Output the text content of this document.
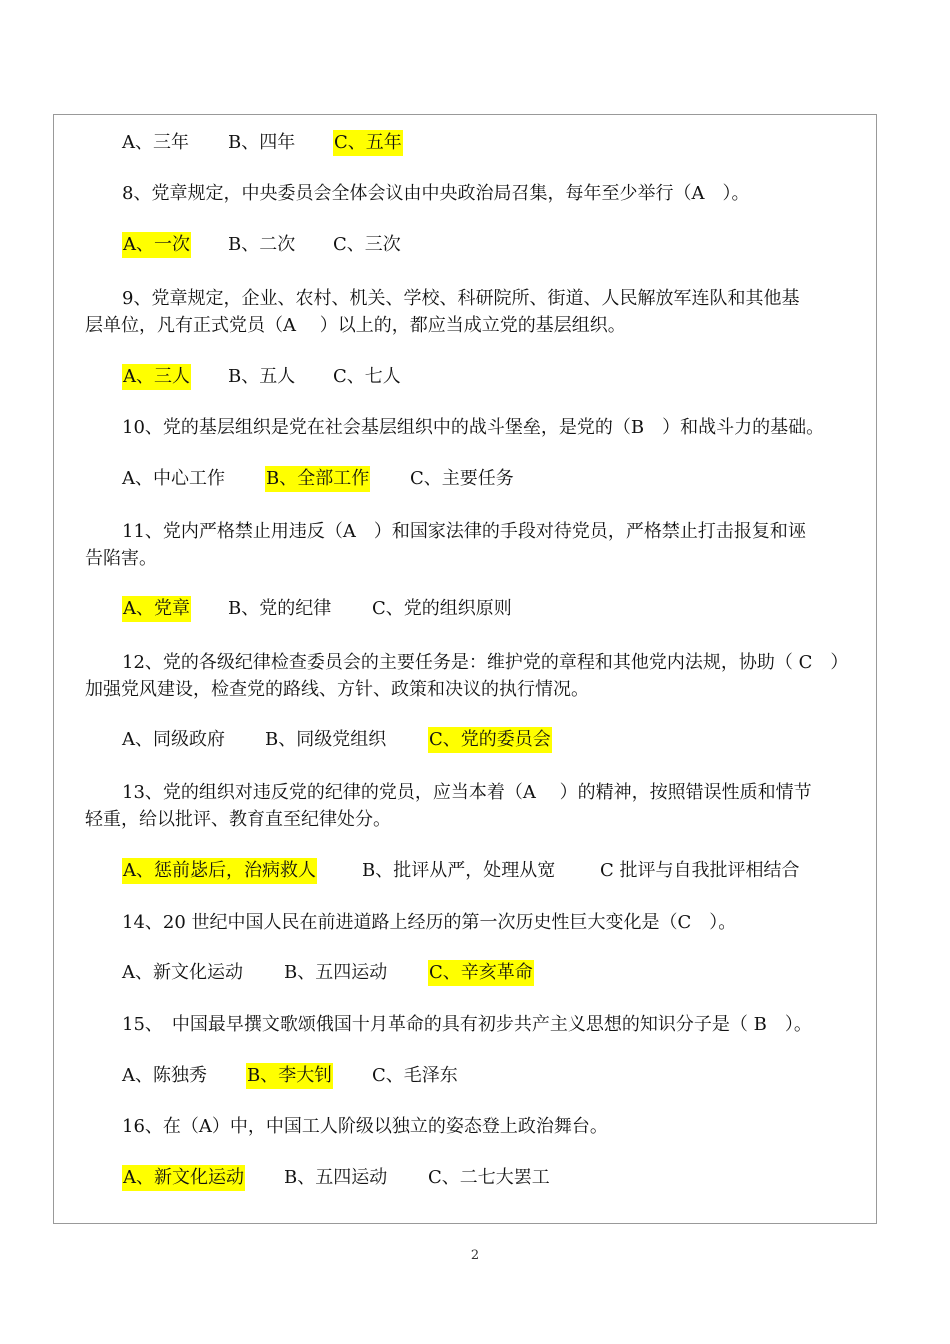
A、三年 B、四年 C、五年
8、党章规定，中央委员会全体会议由中央政治局召集，每年至少举行（A　）。
A、一次 B、二次 C、三次
9、党章规定，企业、农村、机关、学校、科研院所、街道、人民解放军连队和其他基
层单位，凡有正式党员（A　 ）以上的，都应当成立党的基层组织。
A、三人 B、五人 C、七人
10、党的基层组织是党在社会基层组织中的战斗堡垒，是党的（B　）和战斗力的基础。
A、中心工作 B、全部工作 C、主要任务
11、党内严格禁止用违反（A　）和国家法律的手段对待党员，严格禁止打击报复和诬
告陷害。
A、党章 B、党的纪律 C、党的组织原则
12、党的各级纪律检查委员会的主要任务是：维护党的章程和其他党内法规，协助（ C　）
加强党风建设，检查党的路线、方针、政策和决议的执行情况。
A、同级政府 B、同级党组织 C、党的委员会
13、党的组织对违反党的纪律的党员，应当本着（A　 ）的精神，按照错误性质和情节
轻重，给以批评、教育直至纪律处分。
A、惩前毖后，治病救人	B、批评从严，处理从宽 C 批评与自我批评相结合
14、20 世纪中国人民在前进道路上经历的第一次历史性巨大变化是（C　）。
A、新文化运动 B、五四运动 C、辛亥革命
15、　中国最早撰文歌颂俄国十月革命的具有初步共产主义思想的知识分子是（ B　）。
A、陈独秀 B、李大钊 C、毛泽东
16、在（A）中，中国工人阶级以独立的姿态登上政治舞台。
A、新文化运动 B、五四运动 C、二七大罢工
2
